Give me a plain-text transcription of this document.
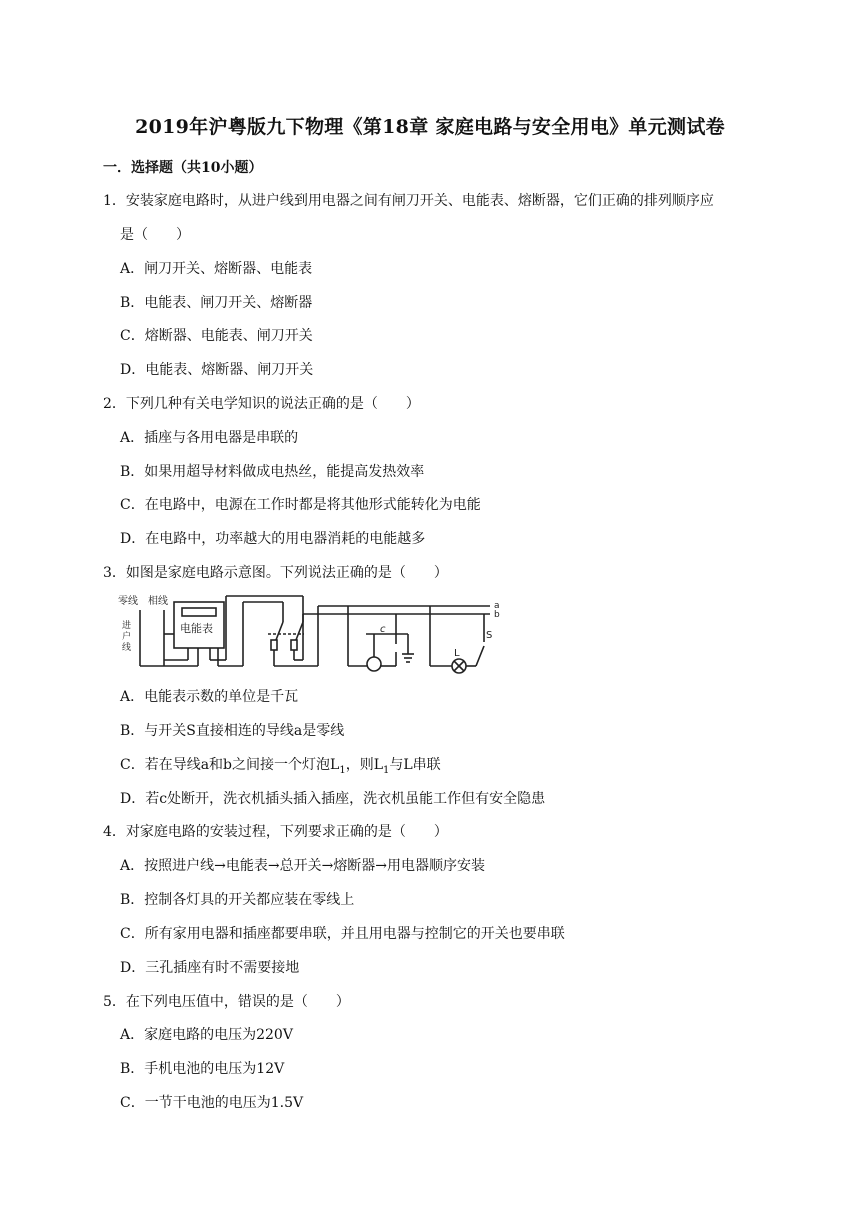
2019年沪粤版九下物理《第18章 家庭电路与安全用电》单元测试卷
一．选择题（共10小题）
1．安装家庭电路时，从进户线到用电器之间有闸刀开关、电能表、熔断器，它们正确的排列顺序应
是（　　）
A．闸刀开关、熔断器、电能表
B．电能表、闸刀开关、熔断器
C．熔断器、电能表、闸刀开关
D．电能表、熔断器、闸刀开关
2．下列几种有关电学知识的说法正确的是（　　）
A．插座与各用电器是串联的
B．如果用超导材料做成电热丝，能提高发热效率
C．在电路中，电源在工作时都是将其他形式能转化为电能
D．在电路中，功率越大的用电器消耗的电能越多
3．如图是家庭电路示意图。下列说法正确的是（　　）
零线 相线
进
户
线
电能表
a
b
c
L
S
A．电能表示数的单位是千瓦
B．与开关S直接相连的导线a是零线
C．若在导线a和b之间接一个灯泡$L_1$，则$L_1$与L串联
D．若c处断开，洗衣机插头插入插座，洗衣机虽能工作但有安全隐患
4．对家庭电路的安装过程，下列要求正确的是（　　）
A．按照进户线→电能表→总开关→熔断器→用电器顺序安装
B．控制各灯具的开关都应装在零线上
C．所有家用电器和插座都要串联，并且用电器与控制它的开关也要串联
D．三孔插座有时不需要接地
5．在下列电压值中，错误的是（　　）
A．家庭电路的电压为220V
B．手机电池的电压为12V
C．一节干电池的电压为1.5V
